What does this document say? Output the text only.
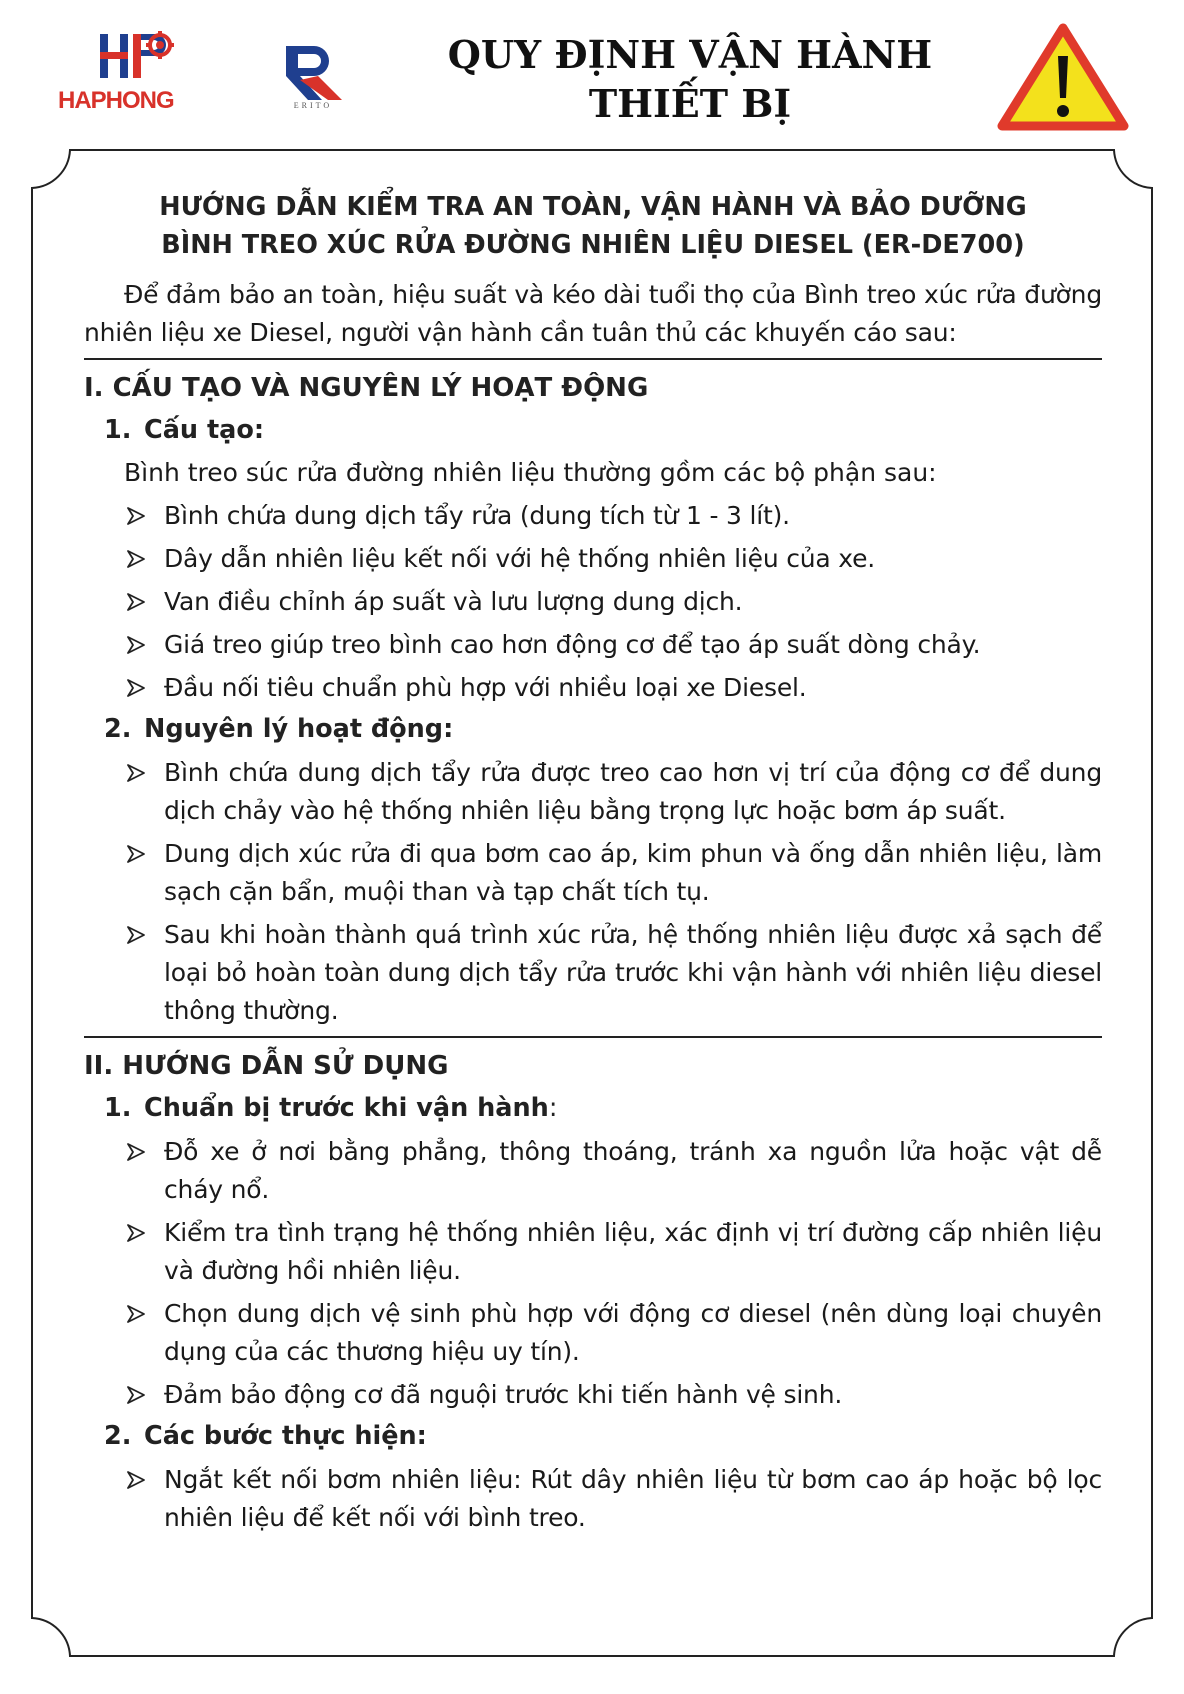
HAPHONG	ERITO
QUY ĐỊNH VẬN HÀNH
THIẾT BỊ
HƯỚNG DẪN KIỂM TRA AN TOÀN, VẬN HÀNH VÀ BẢO DƯỠNG
BÌNH TREO XÚC RỬA ĐƯỜNG NHIÊN LIỆU DIESEL (ER-DE700)
Để đảm bảo an toàn, hiệu suất và kéo dài tuổi thọ của Bình treo xúc rửa đường nhiên liệu xe Diesel, người vận hành cần tuân thủ các khuyến cáo sau:
I. CẤU TẠO VÀ NGUYÊN LÝ HOẠT ĐỘNG
1. Cấu tạo:
Bình treo súc rửa đường nhiên liệu thường gồm các bộ phận sau:
Bình chứa dung dịch tẩy rửa (dung tích từ 1 - 3 lít).
Dây dẫn nhiên liệu kết nối với hệ thống nhiên liệu của xe.
Van điều chỉnh áp suất và lưu lượng dung dịch.
Giá treo giúp treo bình cao hơn động cơ để tạo áp suất dòng chảy.
Đầu nối tiêu chuẩn phù hợp với nhiều loại xe Diesel.
2. Nguyên lý hoạt động:
Bình chứa dung dịch tẩy rửa được treo cao hơn vị trí của động cơ để dung dịch chảy vào hệ thống nhiên liệu bằng trọng lực hoặc bơm áp suất.
Dung dịch xúc rửa đi qua bơm cao áp, kim phun và ống dẫn nhiên liệu, làm sạch cặn bẩn, muội than và tạp chất tích tụ.
Sau khi hoàn thành quá trình xúc rửa, hệ thống nhiên liệu được xả sạch để loại bỏ hoàn toàn dung dịch tẩy rửa trước khi vận hành với nhiên liệu diesel thông thường.
II. HƯỚNG DẪN SỬ DỤNG
1. Chuẩn bị trước khi vận hành:
Đỗ xe ở nơi bằng phẳng, thông thoáng, tránh xa nguồn lửa hoặc vật dễ cháy nổ.
Kiểm tra tình trạng hệ thống nhiên liệu, xác định vị trí đường cấp nhiên liệu và đường hồi nhiên liệu.
Chọn dung dịch vệ sinh phù hợp với động cơ diesel (nên dùng loại chuyên dụng của các thương hiệu uy tín).
Đảm bảo động cơ đã nguội trước khi tiến hành vệ sinh.
2. Các bước thực hiện:
Ngắt kết nối bơm nhiên liệu: Rút dây nhiên liệu từ bơm cao áp hoặc bộ lọc nhiên liệu để kết nối với bình treo.
